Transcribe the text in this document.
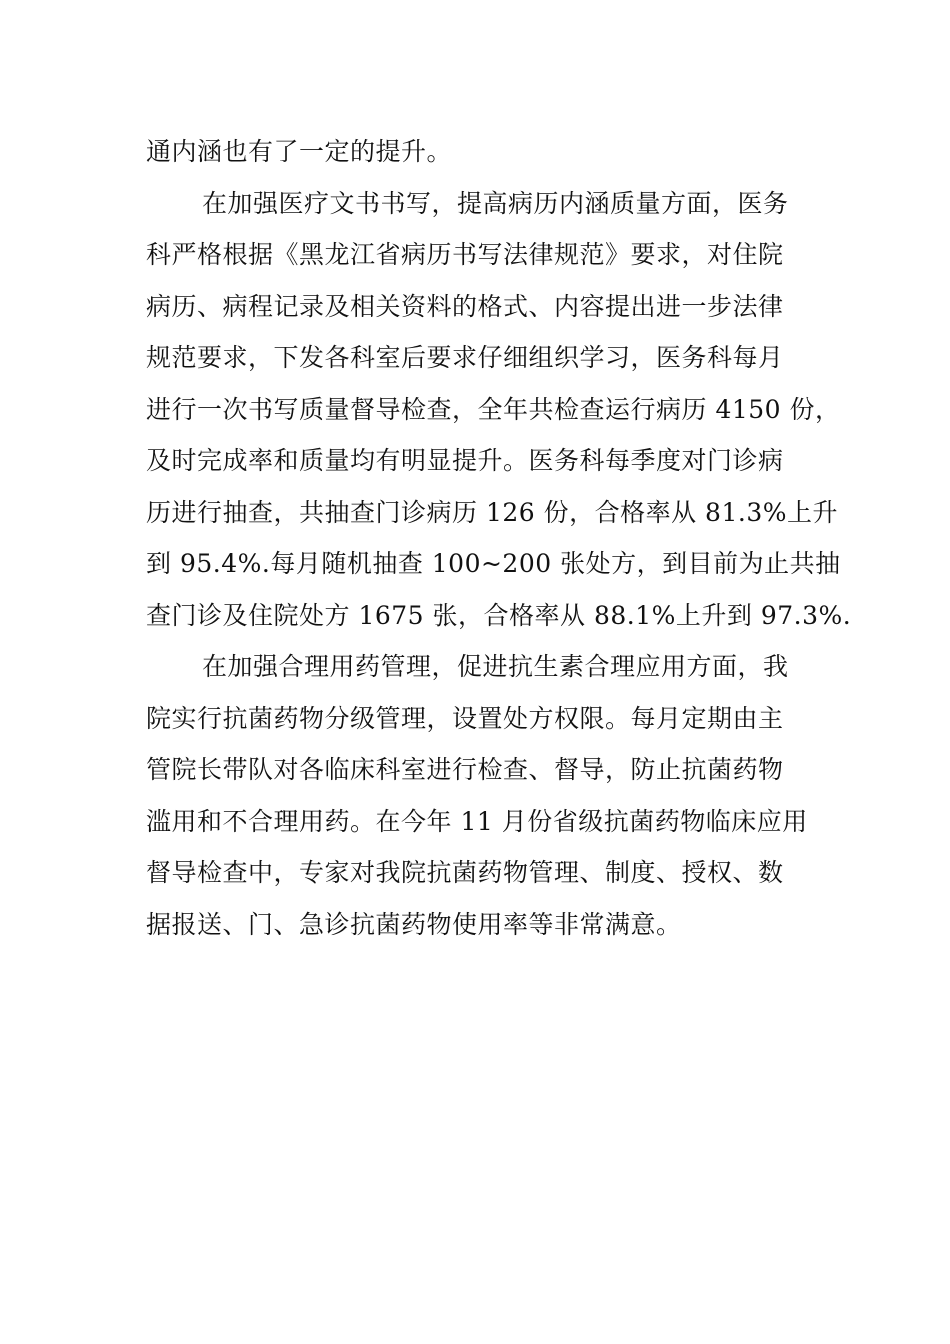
通内涵也有了一定的提升。
在加强医疗文书书写，提高病历内涵质量方面，医务
科严格根据《黑龙江省病历书写法律规范》要求，对住院
病历、病程记录及相关资料的格式、内容提出进一步法律
规范要求，下发各科室后要求仔细组织学习，医务科每月
进行一次书写质量督导检查，全年共检查运行病历 4150 份，
及时完成率和质量均有明显提升。医务科每季度对门诊病
历进行抽查，共抽查门诊病历 126 份，合格率从 81.3%上升
到 95.4%.每月随机抽查 100~200 张处方，到目前为止共抽
查门诊及住院处方 1675 张，合格率从 88.1%上升到 97.3%.
在加强合理用药管理，促进抗生素合理应用方面，我
院实行抗菌药物分级管理，设置处方权限。每月定期由主
管院长带队对各临床科室进行检查、督导，防止抗菌药物
滥用和不合理用药。在今年 11 月份省级抗菌药物临床应用
督导检查中，专家对我院抗菌药物管理、制度、授权、数
据报送、门、急诊抗菌药物使用率等非常满意。
